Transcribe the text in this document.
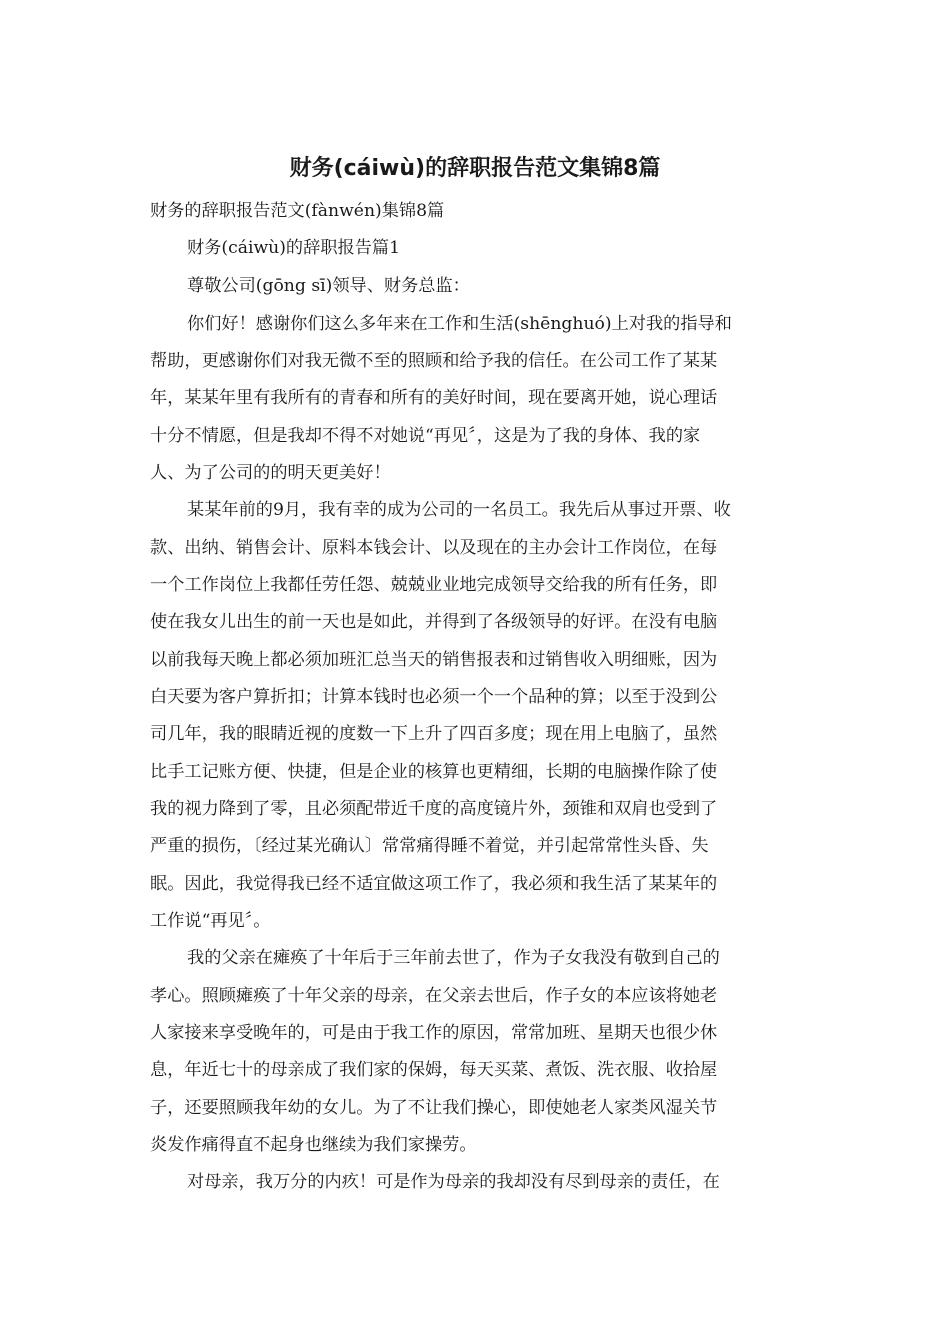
财务(cáiwù)的辞职报告范文集锦8篇

财务的辞职报告范文(fànwén)集锦8篇

财务(cáiwù)的辞职报告篇1

尊敬公司(gōng sī)领导、财务总监：

你们好！感谢你们这么多年来在工作和生活(shēnghuó)上对我的指导和

帮助，更感谢你们对我无微不至的照顾和给予我的信任。在公司工作了某某

年，某某年里有我所有的青春和所有的美好时间，现在要离开她，说心理话

十分不情愿，但是我却不得不对她说“再见〞，这是为了我的身体、我的家

人、为了公司的的明天更美好！

某某年前的9月，我有幸的成为公司的一名员工。我先后从事过开票、收

款、出纳、销售会计、原料本钱会计、以及现在的主办会计工作岗位，在每

一个工作岗位上我都任劳任怨、兢兢业业地完成领导交给我的所有任务，即

使在我女儿出生的前一天也是如此，并得到了各级领导的好评。在没有电脑

以前我每天晚上都必须加班汇总当天的销售报表和过销售收入明细账，因为

白天要为客户算折扣；计算本钱时也必须一个一个品种的算；以至于没到公

司几年，我的眼睛近视的度数一下上升了四百多度；现在用上电脑了，虽然

比手工记账方便、快捷，但是企业的核算也更精细，长期的电脑操作除了使

我的视力降到了零，且必须配带近千度的高度镜片外，颈锥和双肩也受到了

严重的损伤，〔经过某光确认〕常常痛得睡不着觉，并引起常常性头昏、失

眠。因此，我觉得我已经不适宜做这项工作了，我必须和我生活了某某年的

工作说“再见〞。

我的父亲在瘫痪了十年后于三年前去世了，作为子女我没有敬到自己的

孝心。照顾瘫痪了十年父亲的母亲，在父亲去世后，作子女的本应该将她老

人家接来享受晚年的，可是由于我工作的原因，常常加班、星期天也很少休

息，年近七十的母亲成了我们家的保姆，每天买菜、煮饭、洗衣服、收拾屋

子，还要照顾我年幼的女儿。为了不让我们操心，即使她老人家类风湿关节

炎发作痛得直不起身也继续为我们家操劳。

对母亲，我万分的内疚！可是作为母亲的我却没有尽到母亲的责任，在
